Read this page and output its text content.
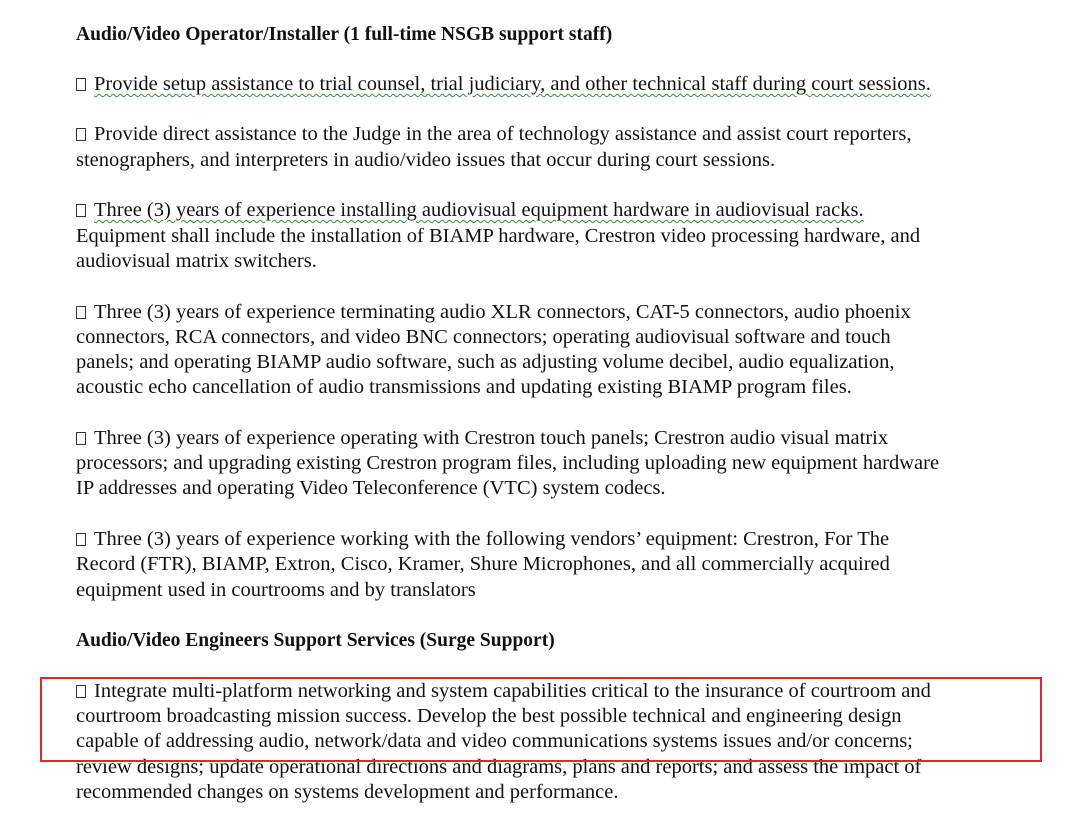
Audio/Video Operator/Installer (1 full-time NSGB support staff)
Provide setup assistance to trial counsel, trial judiciary, and other technical staff during court sessions.
Provide direct assistance to the Judge in the area of technology assistance and assist court reporters,
stenographers, and interpreters in audio/video issues that occur during court sessions.
Three (3) years of experience installing audiovisual equipment hardware in audiovisual racks.
Equipment shall include the installation of BIAMP hardware, Crestron video processing hardware, and
audiovisual matrix switchers.
Three (3) years of experience terminating audio XLR connectors, CAT-5 connectors, audio phoenix
connectors, RCA connectors, and video BNC connectors; operating audiovisual software and touch
panels; and operating BIAMP audio software, such as adjusting volume decibel, audio equalization,
acoustic echo cancellation of audio transmissions and updating existing BIAMP program files.
Three (3) years of experience operating with Crestron touch panels; Crestron audio visual matrix
processors; and upgrading existing Crestron program files, including uploading new equipment hardware
IP addresses and operating Video Teleconference (VTC) system codecs.
Three (3) years of experience working with the following vendors’ equipment: Crestron, For The
Record (FTR), BIAMP, Extron, Cisco, Kramer, Shure Microphones, and all commercially acquired
equipment used in courtrooms and by translators
Audio/Video Engineers Support Services (Surge Support)
Integrate multi-platform networking and system capabilities critical to the insurance of courtroom and
courtroom broadcasting mission success. Develop the best possible technical and engineering design
capable of addressing audio, network/data and video communications systems issues and/or concerns;
review designs; update operational directions and diagrams, plans and reports; and assess the impact of
recommended changes on systems development and performance.
